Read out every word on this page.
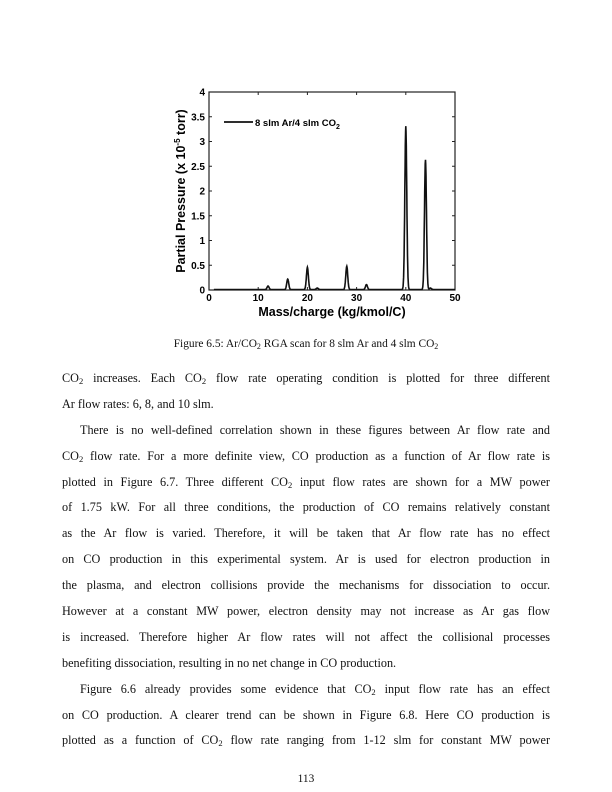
0	10	20	30	40	50
0
0.5
1
1.5
2
2.5
3
3.5
4
Mass/charge (kg/kmol/C)
Partial Pressure (x $10^{-5}$ torr)	8 slm Ar/4 slm $CO_2$
Figure 6.5: $Ar/CO_2$ RGA scan for 8 slm Ar and 4 slm $CO_2$
$CO_2$ increases. Each $CO_2$ flow rate operating condition is plotted for three different
Ar flow rates: 6, 8, and 10 slm.
There is no well-defined correlation shown in these figures between Ar flow rate and
$CO_2$ flow rate. For a more definite view, CO production as a function of Ar flow rate is
plotted in Figure 6.7. Three different $CO_2$ input flow rates are shown for a MW power
of 1.75 kW. For all three conditions, the production of CO remains relatively constant
as the Ar flow is varied. Therefore, it will be taken that Ar flow rate has no effect
on CO production in this experimental system. Ar is used for electron production in
the plasma, and electron collisions provide the mechanisms for dissociation to occur.
However at a constant MW power, electron density may not increase as Ar gas flow
is increased. Therefore higher Ar flow rates will not affect the collisional processes
benefiting dissociation, resulting in no net change in CO production.
Figure 6.6 already provides some evidence that $CO_2$ input flow rate has an effect
on CO production. A clearer trend can be shown in Figure 6.8. Here CO production is
plotted as a function of $CO_2$ flow rate ranging from 1-12 slm for constant MW power
113
